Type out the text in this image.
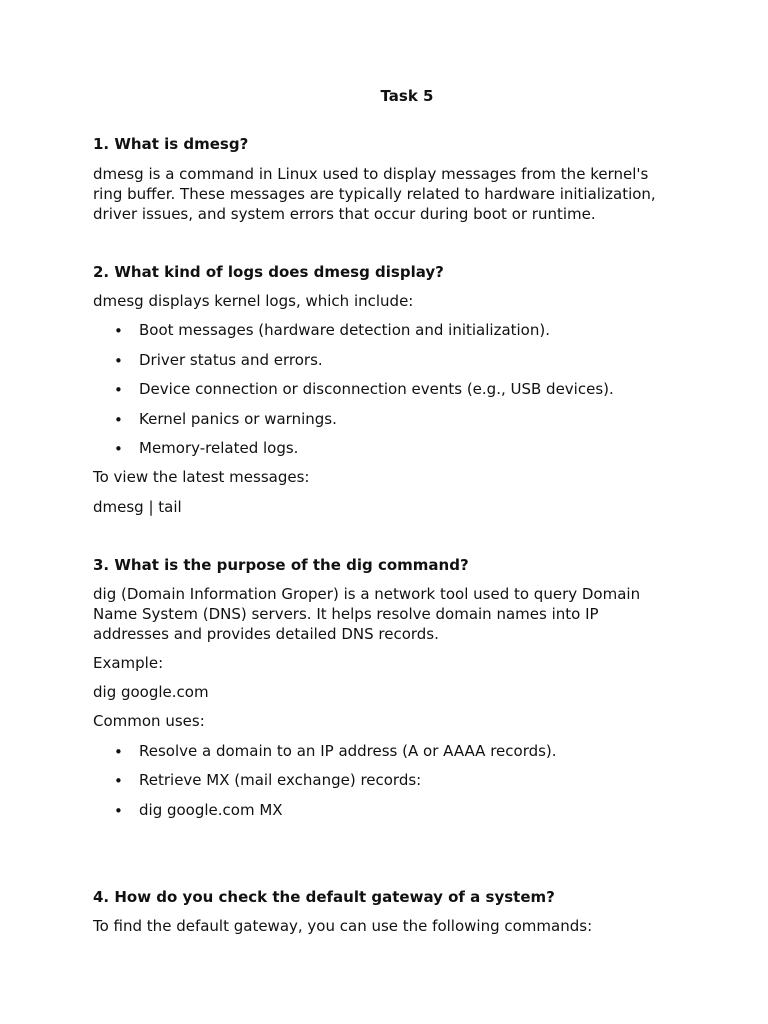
Task 5
1. What is dmesg?
dmesg is a command in Linux used to display messages from the kernel's
ring buffer. These messages are typically related to hardware initialization,
driver issues, and system errors that occur during boot or runtime.
2. What kind of logs does dmesg display?
dmesg displays kernel logs, which include:
• Boot messages (hardware detection and initialization).
• Driver status and errors.
• Device connection or disconnection events (e.g., USB devices).
• Kernel panics or warnings.
• Memory-related logs.
To view the latest messages:
dmesg | tail
3. What is the purpose of the dig command?
dig (Domain Information Groper) is a network tool used to query Domain
Name System (DNS) servers. It helps resolve domain names into IP
addresses and provides detailed DNS records.
Example:
dig google.com
Common uses:
• Resolve a domain to an IP address (A or AAAA records).
• Retrieve MX (mail exchange) records:
• dig google.com MX
4. How do you check the default gateway of a system?
To find the default gateway, you can use the following commands:
